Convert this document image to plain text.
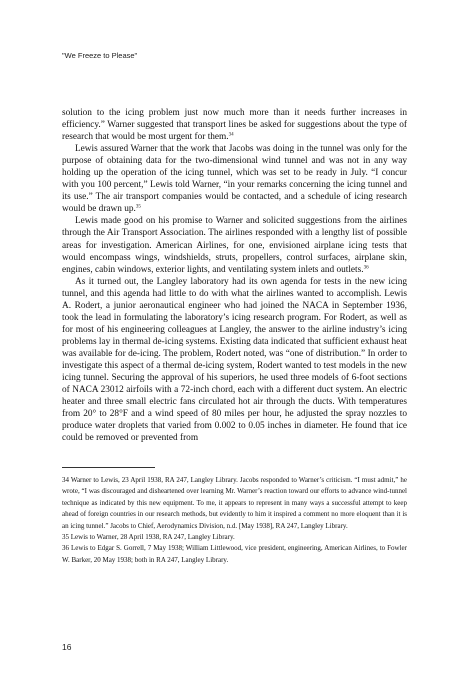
"We Freeze to Please"

solution to the icing problem just now much more than it needs further increases in efficiency.” Warner suggested that transport lines be asked for suggestions about the type of research that would be most urgent for them.$^{34}$

Lewis assured Warner that the work that Jacobs was doing in the tunnel was only for the purpose of obtaining data for the two-dimensional wind tunnel and was not in any way holding up the operation of the icing tunnel, which was set to be ready in July. “I concur with you 100 percent,” Lewis told Warner, “in your remarks concerning the icing tunnel and its use.” The air transport companies would be contacted, and a schedule of icing research would be drawn up.$^{35}$

Lewis made good on his promise to Warner and solicited suggestions from the airlines through the Air Transport Association. The airlines responded with a lengthy list of possible areas for investigation. American Airlines, for one, envisioned airplane icing tests that would encompass wings, windshields, struts, propellers, control surfaces, airplane skin, engines, cabin windows, exterior lights, and ventilating system inlets and outlets.$^{36}$

As it turned out, the Langley laboratory had its own agenda for tests in the new icing tunnel, and this agenda had little to do with what the airlines wanted to accomplish. Lewis A. Rodert, a junior aeronautical engineer who had joined the NACA in September 1936, took the lead in formulating the laboratory’s icing research program. For Rodert, as well as for most of his engineering colleagues at Langley, the answer to the airline industry’s icing problems lay in thermal de-icing systems. Existing data indicated that sufficient exhaust heat was available for de-icing. The problem, Rodert noted, was “one of distribution.” In order to investigate this aspect of a thermal de-icing system, Rodert wanted to test models in the new icing tunnel. Securing the approval of his superiors, he used three models of 6-foot sections of NACA 23012 airfoils with a 72-inch chord, each with a different duct system. An electric heater and three small electric fans circulated hot air through the ducts. With temperatures from 20° to 28°F and a wind speed of 80 miles per hour, he adjusted the spray nozzles to produce water droplets that varied from 0.002 to 0.05 inches in diameter. He found that ice could be removed or prevented from

34 Warner to Lewis, 23 April 1938, RA 247, Langley Library. Jacobs responded to Warner’s criticism. “I must admit,” he wrote, “I was discouraged and disheartened over learning Mr. Warner’s reaction toward our efforts to advance wind-tunnel technique as indicated by this new equipment. To me, it appears to represent in many ways a successful attempt to keep ahead of foreign countries in our research methods, but evidently to him it inspired a comment no more eloquent than it is an icing tunnel.” Jacobs to Chief, Aerodynamics Division, n.d. [May 1938], RA 247, Langley Library.

35 Lewis to Warner, 28 April 1938, RA 247, Langley Library.

36 Lewis to Edgar S. Gorrell, 7 May 1938; William Littlewood, vice president, engineering, American Airlines, to Fowler W. Barker, 20 May 1938; both in RA 247, Langley Library.

16
